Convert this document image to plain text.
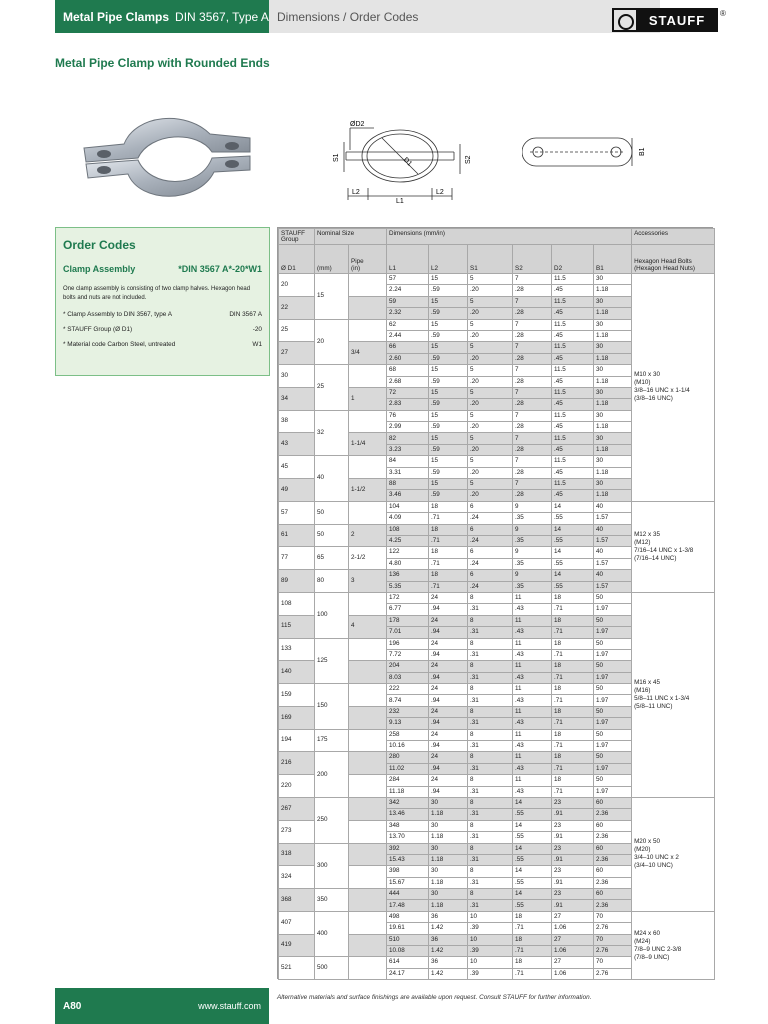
Metal Pipe Clamps DIN 3567, Type A Dimensions / Order Codes	STAUFF	®
Metal Pipe Clamp with Rounded Ends
ØD2
S1	S2
D1
L2
L1
L2
B1
Order Codes
Clamp Assembly	*DIN 3567 A*-20*W1

One clamp assembly is consisting of two clamp halves. Hexagon head bolts and nuts are not included.

* Clamp Assembly to DIN 3567, type A	DIN 3567 A
* STAUFF Group (Ø D1)	-20
* Material code Carbon Steel, untreated	W1
STAUFF
Group	Nominal Size		Dimensions (mm/in)						Accessories
Ø D1	(mm)	Pipe
(in)	L1	L2	S1	S2	D2	B1	Hexagon Head Bolts (Hexagon Head Nuts)
20	15		57	15	5	7	11.5	30	M10 x 30
(M10)
3/8–16 UNC x 1-1/4
(3/8–16 UNC)

			2.24	.59	.20	.28	.45	1.18	
22			59	15	5	7	11.5	30	
			2.32	.59	.20	.28	.45	1.18	
25	20		62	15	5	7	11.5	30	
			2.44	.59	.20	.28	.45	1.18	
27		3/4	66	15	5	7	11.5	30	
			2.60	.59	.20	.28	.45	1.18	
30	25		68	15	5	7	11.5	30	
			2.68	.59	.20	.28	.45	1.18	
34		1	72	15	5	7	11.5	30	
			2.83	.59	.20	.28	.45	1.18	
38	32		76	15	5	7	11.5	30	
			2.99	.59	.20	.28	.45	1.18	
43		1-1/4	82	15	5	7	11.5	30	
			3.23	.59	.20	.28	.45	1.18	
45	40		84	15	5	7	11.5	30	
			3.31	.59	.20	.28	.45	1.18	
49		1-1/2	88	15	5	7	11.5	30	
			3.46	.59	.20	.28	.45	1.18	
57	50		104	18	6	9	14	40	M12 x 35
(M12)
7/16–14 UNC x 1-3/8
(7/16–14 UNC)

			4.09	.71	.24	.35	.55	1.57	
61	50	2	108	18	6	9	14	40	
			4.25	.71	.24	.35	.55	1.57	
77	65	2-1/2	122	18	6	9	14	40	
			4.80	.71	.24	.35	.55	1.57	
89	80	3	136	18	6	9	14	40	
			5.35	.71	.24	.35	.55	1.57	
108	100		172	24	8	11	18	50	M16 x 45
(M16)
5/8–11 UNC x 1-3/4
(5/8–11 UNC)

			6.77	.94	.31	.43	.71	1.97	
115		4	178	24	8	11	18	50	
			7.01	.94	.31	.43	.71	1.97	
133	125		196	24	8	11	18	50	
			7.72	.94	.31	.43	.71	1.97	
140			204	24	8	11	18	50	
			8.03	.94	.31	.43	.71	1.97	
159	150		222	24	8	11	18	50	
			8.74	.94	.31	.43	.71	1.97	
169			232	24	8	11	18	50	
			9.13	.94	.31	.43	.71	1.97	
194	175		258	24	8	11	18	50	
			10.16	.94	.31	.43	.71	1.97	
216	200		280	24	8	11	18	50	
			11.02	.94	.31	.43	.71	1.97	
220			284	24	8	11	18	50	
			11.18	.94	.31	.43	.71	1.97	
267	250		342	30	8	14	23	60	M20 x 50
(M20)
3/4–10 UNC x 2
(3/4–10 UNC)

			13.46	1.18	.31	.55	.91	2.36	
273			348	30	8	14	23	60	
			13.70	1.18	.31	.55	.91	2.36	
318	300		392	30	8	14	23	60	
			15.43	1.18	.31	.55	.91	2.36	
324			398	30	8	14	23	60	
			15.67	1.18	.31	.55	.91	2.36	
368	350		444	30	8	14	23	60	
			17.48	1.18	.31	.55	.91	2.36	
407	400		498	36	10	18	27	70	M24 x 60
(M24)
7/8–9 UNC 2-3/8
(7/8–9 UNC)

			19.61	1.42	.39	.71	1.06	2.76	
419			510	36	10	18	27	70	
			10.08	1.42	.39	.71	1.06	2.76	
521	500		614	36	10	18	27	70	
			24.17	1.42	.39	.71	1.06	2.76	
Alternative materials and surface finishings are available upon request. Consult STAUFF for further information.
A80	www.stauff.com
